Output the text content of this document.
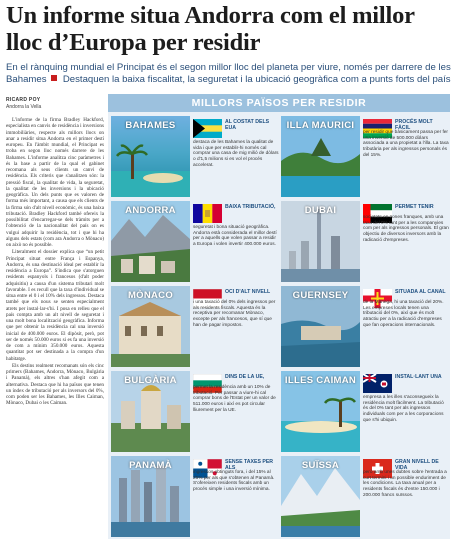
Un informe situa Andorra com el millor lloc d’Europa per residir
En el rànquing mundial el Principat és el segon millor lloc del planeta per viure, només per darrere de les Bahames Destaquen la baixa fiscalitat, la seguretat i la ubicació geogràfica com a punts forts del país
RICARD POY
Andorra la Vella

L'informe de la firma Bradley Hackford, especialista en canvis de residència i inversions immobiliàries, respecte als millors llocs on anar a residir situa Andorra en el primer destí europeu. En l'àmbit mundial, el Principat es troba en segon lloc només darrere de les Bahames. L'informe analitza cinc paràmetres i és la base a partir de la qual el gabinet recomana als seus clients un canvi de residència. Els criteris que s'analitzen són: la pressió fiscal, la qualitat de vida, la seguretat, la qualitat de les inversions i la ubicació geogràfica. Un dels punts que es valoren de forma més important, a causa que els clients de la firma són d'alt nivell econòmic, és una baixa tributació. Bradley Hackford també ofereix la possibilitat d'encarregar-se dels tràmits per a l'obtenció de la nacionalitat del país on es vulgui adquirir la residència, tot i que hi ha alguns dels estats (com ara Andorra o Mònaco) on això no és possible.

Literalment el dossier explica que “un petit Principat situat entre França i Espanya, Andorra, és una destinació ideal per establir la residència a Europa”. S'indica que s'atorguen residents espanyols i francesos (d'alt poder adquisitiu) a causa d'un sistema tributari molt favorable. I es recull que la taxa d'individual se situa entre el 0 i el 10% dels ingressos. Destaca també que els nous se senten especialment atrets per instal·lar-s'hi. I posa en relleu que el país compta amb un alt nivell de seguretat i una molt bona localització geogràfica. Informa que per obtenir la residència cal una inversió inicial de 400.000 euros. El dipòsit, però, pot ser de només 50.000 euros si es fa una inversió de com a mínim 350.000 euros. Aquesta quantitat pot ser destinada a la compra d'un habitatge.

Els destins realment recomanats són els cinc primers (Bahames, Andorra, Mònaco, Bulgària i Panamà), els altres s'han afegit com a alternativa. Destaca que hi ha països que tenen un índex de tributació per als inversors del 0%, com poden ser les Bahames, les Illes Caiman, Mònaco, Dubai o les Caiman.

MILLORS PAÏSOS PER RESIDIR
BAHAMES	AL COSTAT DELS EUA
destaca de les Bahames la qualitat de vida i que per establir-hi només cal comprar una casa de mig milió de dòlars o d'1,5 milions si es vol el procés accelerat.
ILLA MAURICI	PROCÉS MOLT FÀCIL
per residir que bàsicament passa per fer una inversió de 500.000 dòlars associada a una propietat a l'illa. La taxa tributària per als ingressos personals és del 15%.
ANDORRA	BAIXA TRIBUTACIÓ,
seguretat i bona situació geogràfica. Andorra està considerada el millor destí per a aquells que volen passar a residir a Europa i volen invertir 400.000 euros.
DUBAI	PERMET TENIR
societats en zones franques, amb una taxa del 0% tant per a les companyies com per als ingressos personals. El gran objectiu de diversos inversors amb la radicació d'empreses.
MÒNACO	OCI D'ALT NIVELL
i una taxació del 0% dels ingressos per als residents fiscals. Aquesta és la receptiva per recomanar Mònaco, excepte per als francesos, que sí que han de pagar impostos.
GUERNSEY	SITUADA AL CANAL
de la Mànega, hi una taxació del 20%. Les empreses locals tenen una tributació del 0%, així que és molt atractiu per a la radicació d'empreses que fan operacions internacionals.
BULGÀRIA	DINS DE LA UE,
permet la residència amb un 10% de tributació. Per passar a viure-hi cal comprar bons de l'Estat per un valor de 511.000 euros i així es pot circular lliurement per la UE.
ILLES CAIMAN	INSTAL·LANT UNA
empresa a les illes s'aconsegueix la residència molt fàcilment. La tributació és del 0% tant per als ingressos individuals com per a les corporacions que s'hi ubiquin.
PANAMÀ	SENSE TAXES PER ALS
ingressos obtinguts fora, i del 15% al 25% per als que s'obtenen al Panamà. S'ofereixen residents fiscals amb un procés simple i una inversió mínima.
SUÏSSA	GRAN NIVELL DE VIDA
però amb unes dubtes sobre l'entrada a curt termini i un possible enduriment de les condicions. La taxa anual per a residents fiscals és d'entre 150.000 i 200.000 francs suïssos.
